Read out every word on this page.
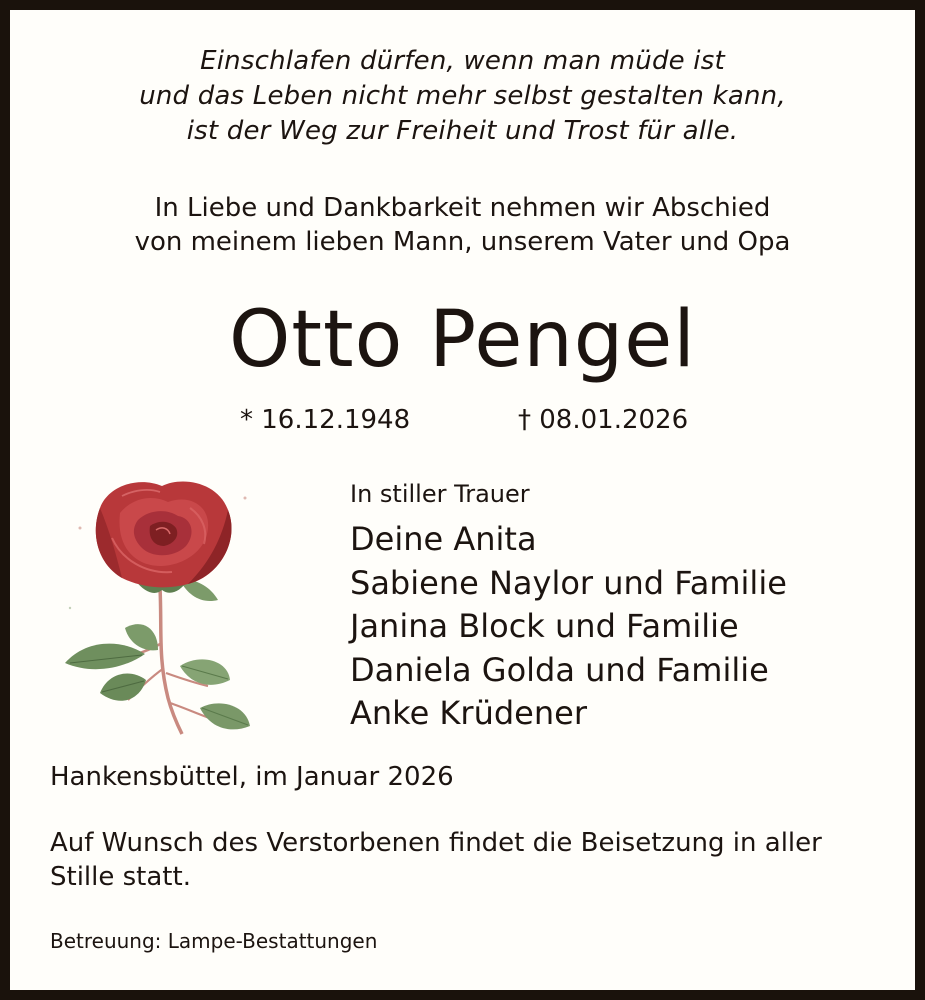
Einschlafen dürfen, wenn man müde ist
und das Leben nicht mehr selbst gestalten kann,
ist der Weg zur Freiheit und Trost für alle.

In Liebe und Dankbarkeit nehmen wir Abschied
von meinem lieben Mann, unserem Vater und Opa

Otto Pengel
* 16.12.1948	† 08.01.2026
In stiller Trauer
Deine Anita
Sabiene Naylor und Familie
Janina Block und Familie
Daniela Golda und Familie
Anke Krüdener
Hankensbüttel, im Januar 2026
Auf Wunsch des Verstorbenen findet die Beisetzung in aller
Stille statt.
Betreuung: Lampe-Bestattungen
